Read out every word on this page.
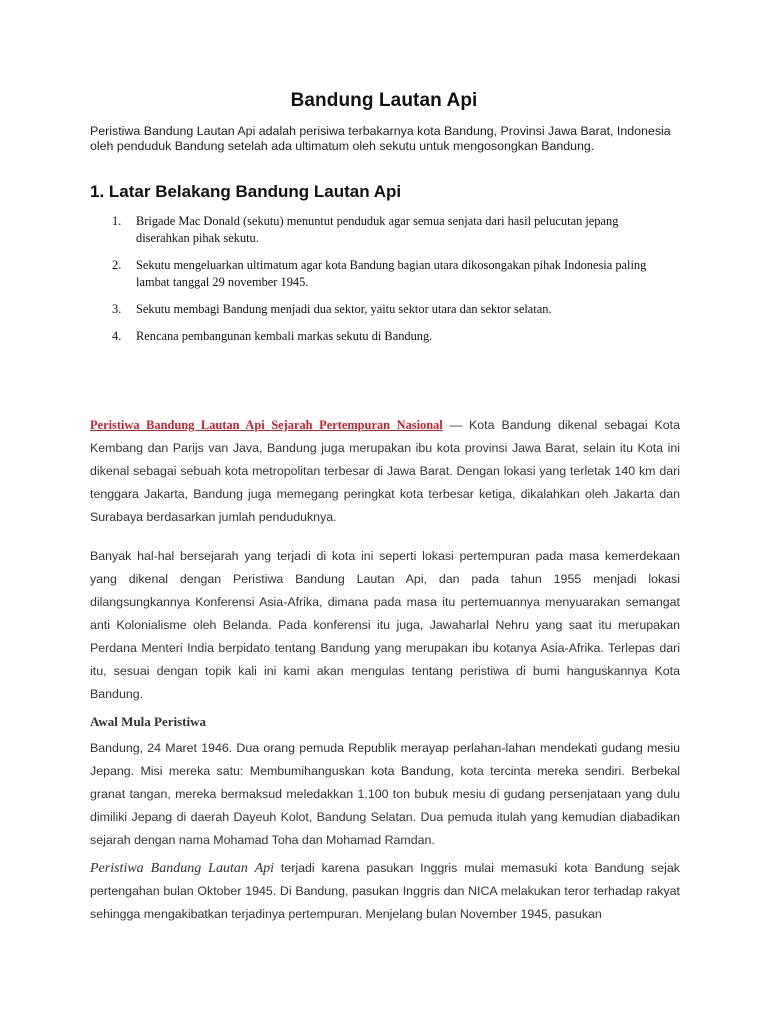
Bandung Lautan Api
Peristiwa Bandung Lautan Api adalah perisiwa terbakarnya kota Bandung, Provinsi Jawa Barat, Indonesia oleh penduduk Bandung setelah ada ultimatum oleh sekutu untuk mengosongkan Bandung.
1. Latar Belakang Bandung Lautan Api
1.	Brigade Mac Donald (sekutu) menuntut penduduk agar semua senjata dari hasil pelucutan jepang diserahkan pihak sekutu.
2.	Sekutu mengeluarkan ultimatum agar kota Bandung bagian utara dikosongakan pihak Indonesia paling lambat tanggal 29 november 1945.
3.	Sekutu membagi Bandung menjadi dua sektor, yaitu sektor utara dan sektor selatan.
4.	Rencana pembangunan kembali markas sekutu di Bandung.
Peristiwa Bandung Lautan Api Sejarah Pertempuran Nasional — Kota Bandung dikenal sebagai Kota Kembang dan Parijs van Java, Bandung juga merupakan ibu kota provinsi Jawa Barat, selain itu Kota ini dikenal sebagai sebuah kota metropolitan terbesar di Jawa Barat. Dengan lokasi yang terletak 140 km dari tenggara Jakarta, Bandung juga memegang peringkat kota terbesar ketiga, dikalahkan oleh Jakarta dan Surabaya berdasarkan jumlah penduduknya.
Banyak hal-hal bersejarah yang terjadi di kota ini seperti lokasi pertempuran pada masa kemerdekaan yang dikenal dengan Peristiwa Bandung Lautan Api, dan pada tahun 1955 menjadi lokasi dilangsungkannya Konferensi Asia-Afrika, dimana pada masa itu pertemuannya menyuarakan semangat anti Kolonialisme oleh Belanda. Pada konferensi itu juga, Jawaharlal Nehru yang saat itu merupakan Perdana Menteri India berpidato tentang Bandung yang merupakan ibu kotanya Asia-Afrika. Terlepas dari itu, sesuai dengan topik kali ini kami akan mengulas tentang peristiwa di bumi hanguskannya Kota Bandung.
Awal Mula Peristiwa
Bandung, 24 Maret 1946. Dua orang pemuda Republik merayap perlahan-lahan mendekati gudang mesiu Jepang. Misi mereka satu: Membumihanguskan kota Bandung, kota tercinta mereka sendiri. Berbekal granat tangan, mereka bermaksud meledakkan 1.100 ton bubuk mesiu di gudang persenjataan yang dulu dimiliki Jepang di daerah Dayeuh Kolot, Bandung Selatan. Dua pemuda itulah yang kemudian diabadikan sejarah dengan nama Mohamad Toha dan Mohamad Ramdan.
Peristiwa Bandung Lautan Api terjadi karena pasukan Inggris mulai memasuki kota Bandung sejak pertengahan bulan Oktober 1945. Di Bandung, pasukan Inggris dan NICA melakukan teror terhadap rakyat sehingga mengakibatkan terjadinya pertempuran. Menjelang bulan November 1945, pasukan
